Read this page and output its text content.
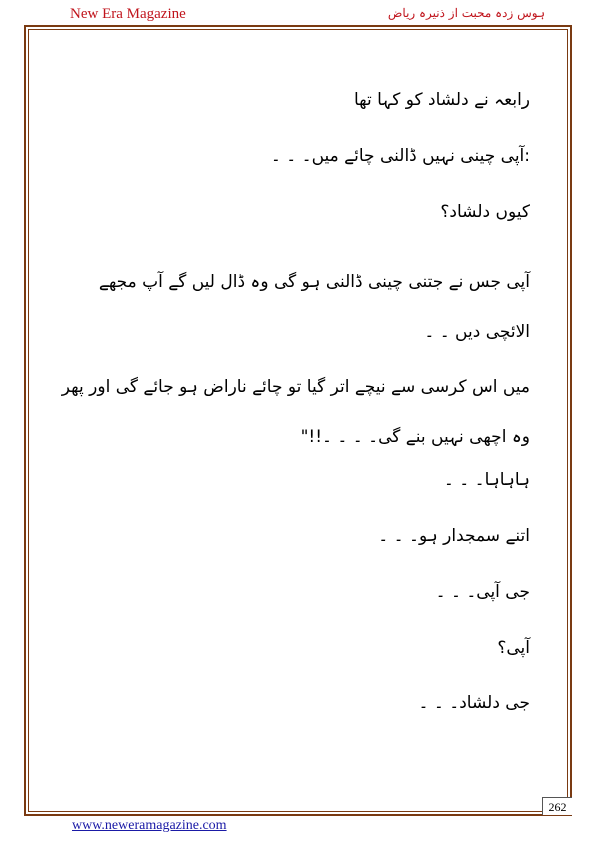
New Era Magazine	ہوس زدہ محبت از ذنیرہ ریاض
رابعہ نے دلشاد کو کہا تھا
:آپی چینی نہیں ڈالنی چائے میں۔ ۔ ۔
کیوں دلشاد؟
آپی جس نے جتنی چینی ڈالنی ہو گی وہ ڈال لیں گے آپ مجھے الائچی دیں ۔ ۔
میں اس کرسی سے نیچے اتر گیا تو چائے ناراض ہو جائے گی اور پھر وہ اچھی نہیں بنے گی۔ ۔ ۔ ۔!!"
ہاہاہا۔ ۔ ۔
اتنے سمجدار ہو۔ ۔ ۔
جی آپی۔ ۔ ۔
آپی؟
جی دلشاد۔ ۔ ۔
262
www.neweramagazine.com
